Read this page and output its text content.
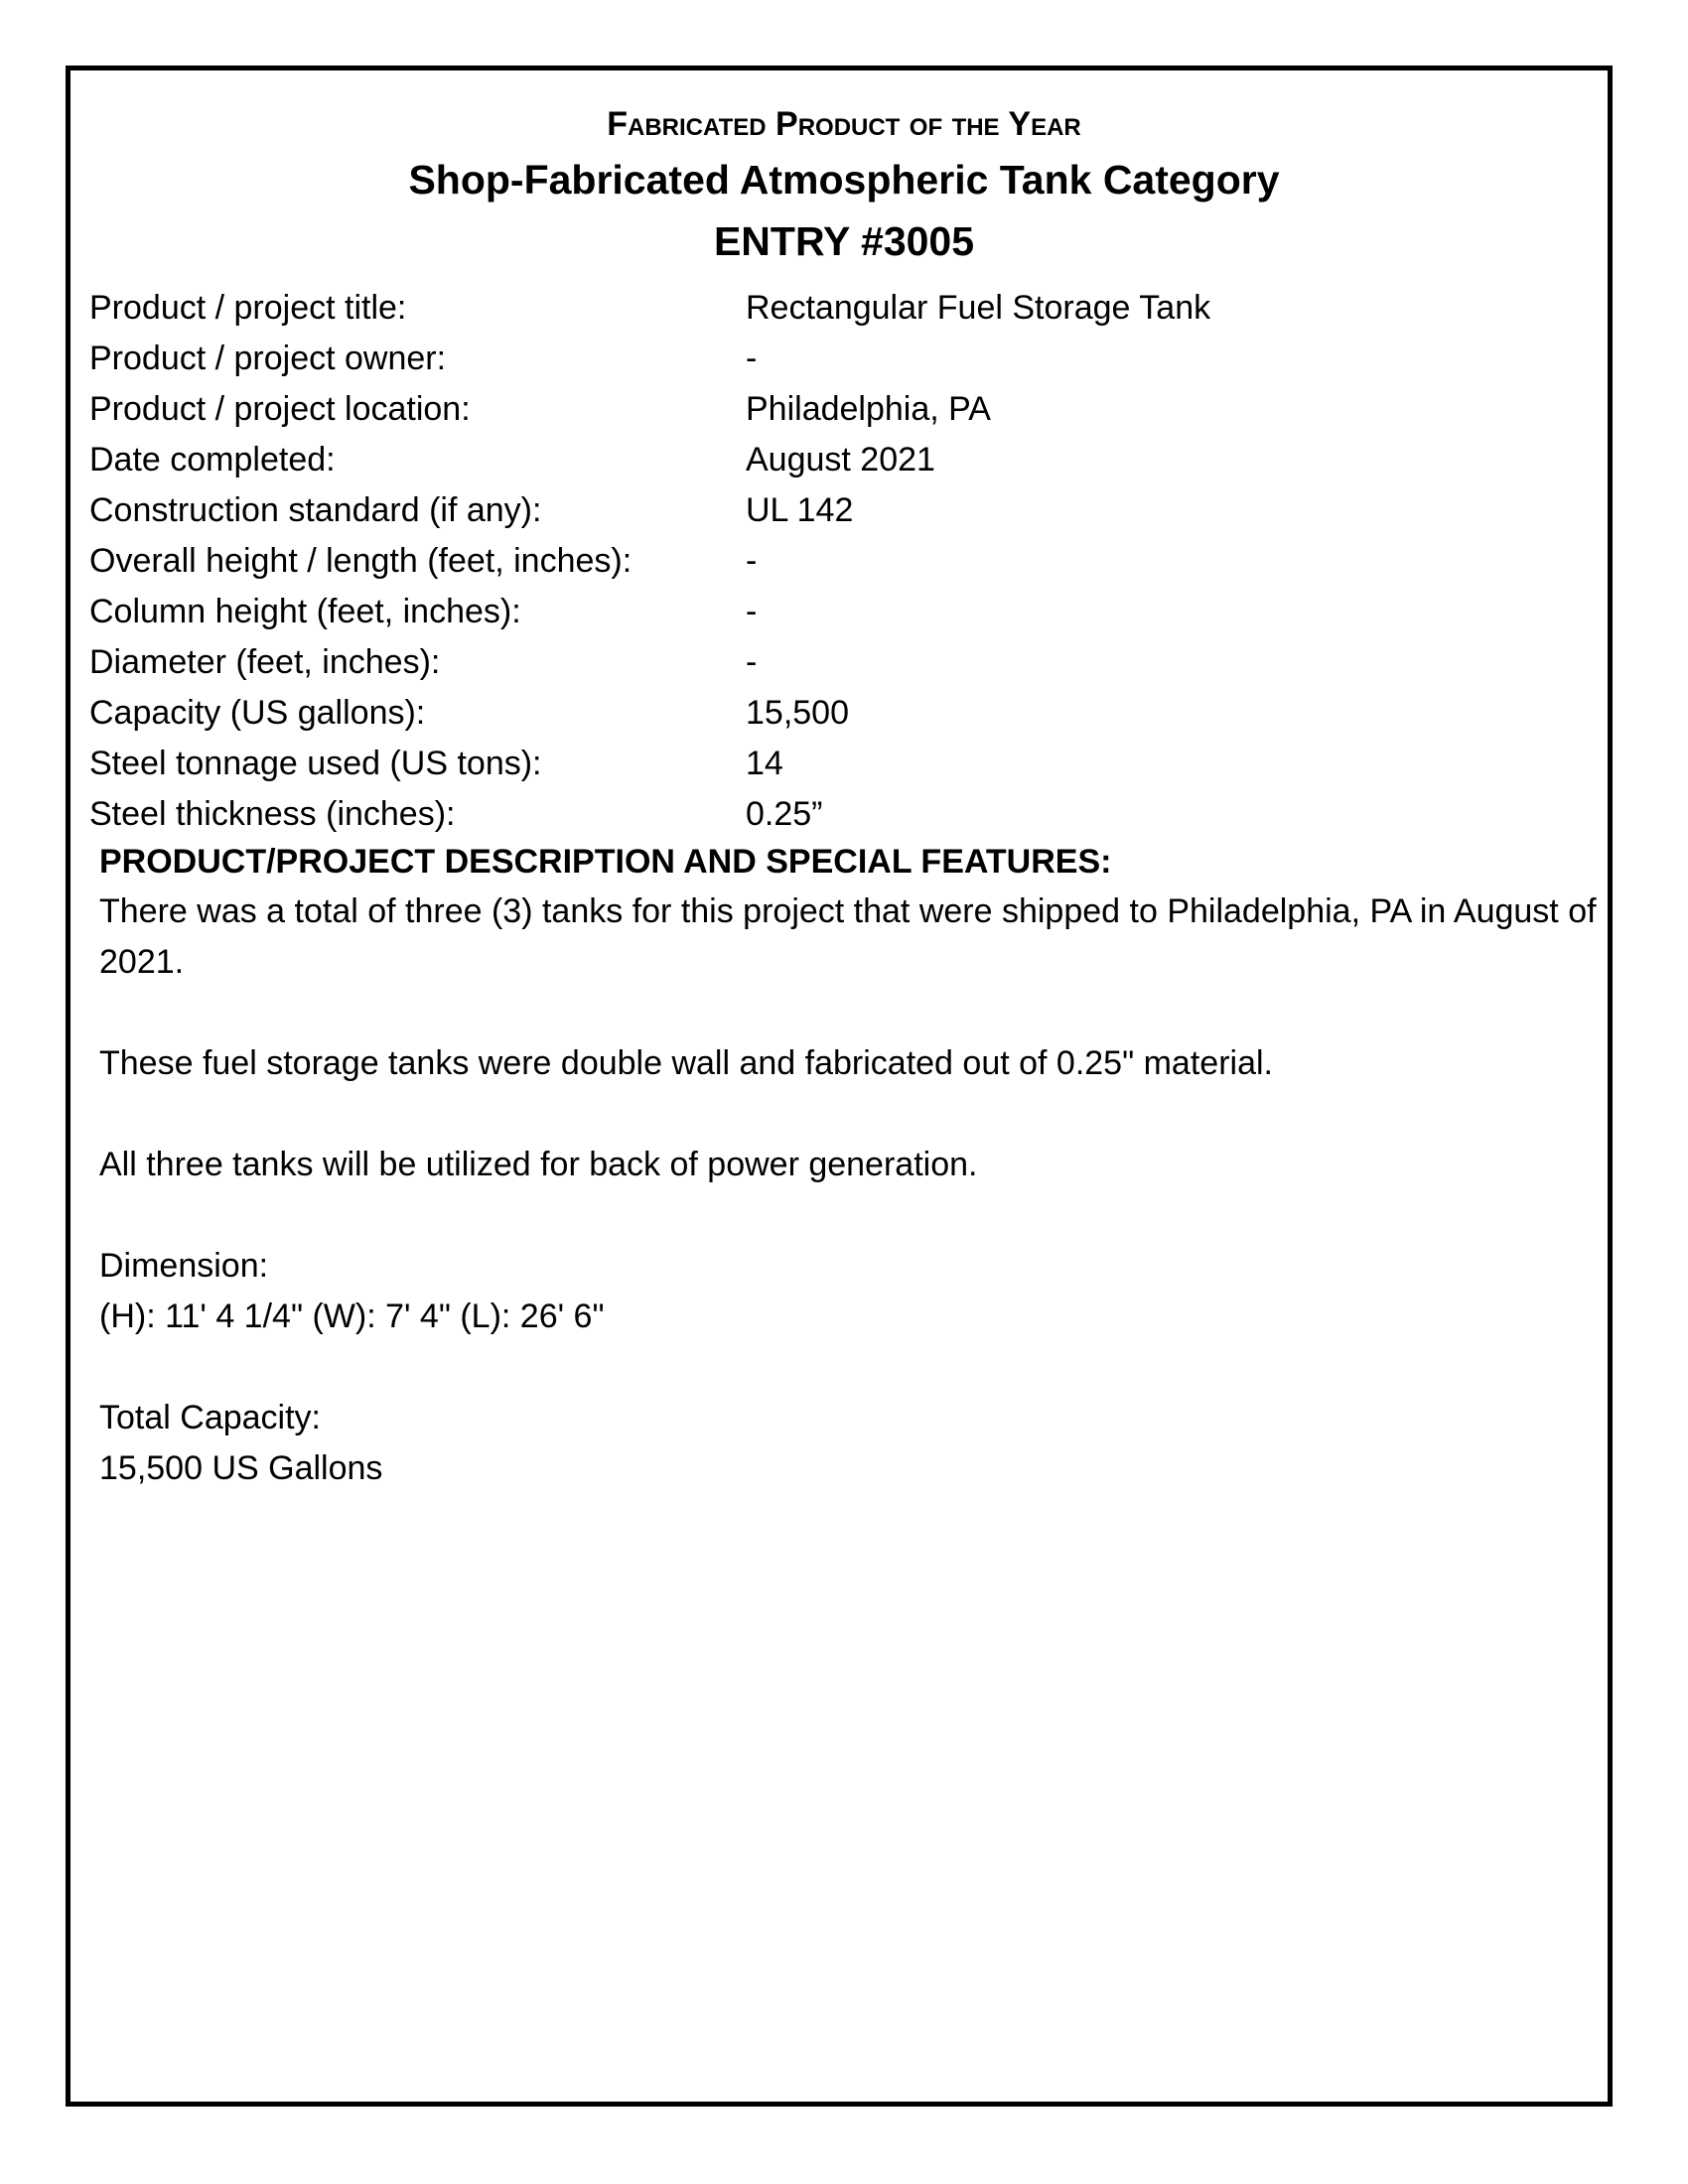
Fabricated Product of the Year
Shop-Fabricated Atmospheric Tank Category
ENTRY #3005
Product / project title:	Rectangular Fuel Storage Tank
Product / project owner:	-
Product / project location:	Philadelphia, PA
Date completed:	August 2021
Construction standard (if any):	UL 142
Overall height / length (feet, inches):	-
Column height (feet, inches):	-
Diameter (feet, inches):	-
Capacity (US gallons):	15,500
Steel tonnage used (US tons):	14
Steel thickness (inches):	0.25”
PRODUCT/PROJECT DESCRIPTION AND SPECIAL FEATURES:

There was a total of three (3) tanks for this project that were shipped to Philadelphia, PA in August of 2021.

These fuel storage tanks were double wall and fabricated out of 0.25" material.

All three tanks will be utilized for back of power generation.

Dimension:
(H): 11' 4 1/4" (W): 7' 4" (L): 26' 6"

Total Capacity:
15,500 US Gallons
